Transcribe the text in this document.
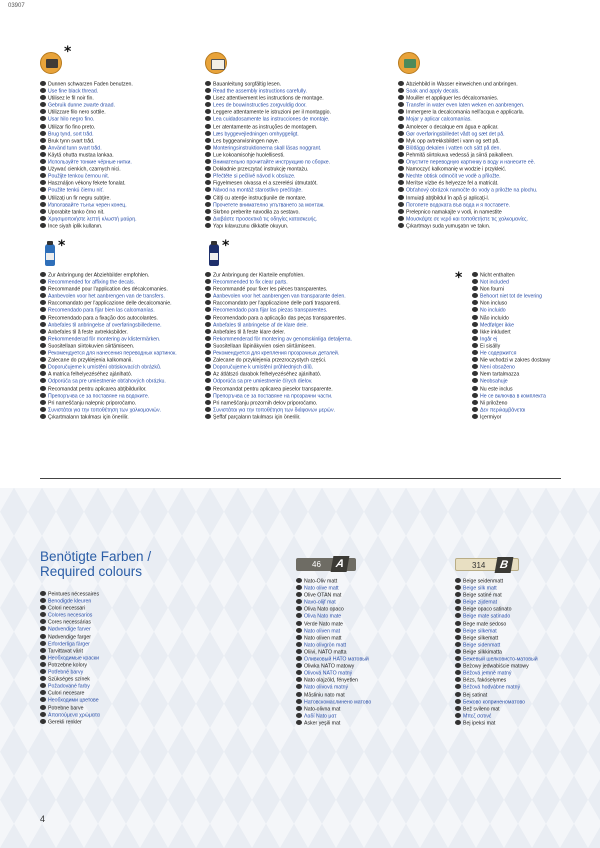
03907
*
Dunnen schwarzen Faden benutzen.
Use fine black thread.
Utilisez le fil noir fin.
Gebruik dunne zwarte draad.
Utilizzare filo nero sottile.
Usar hilo negro fino.
Utilizar fio fino preto.
Brug tynd, sort tråd.
Bruk tynn svart tråd.
Använd tunn svart tråd.
Käytä ohutta mustaa lankaa.
Используйте тонкие чёрные нитки.
Używać cienkich, czarnych nici.
Použijte tenkou černou nit.
Használjon vékony fekete fonalat.
Použite tenkú čiernu niť.
Utilizaţi un fir negru subţire.
Използвайте тънък черен конец.
Uporabite tanko črno nit.
Χρησιμοποιήστε λεπτή κλωστή μαύρη.
İnce siyah iplik kullanın.
Bauanleitung sorgfältig lesen.
Read the assembly instructions carefully.
Lisez attentivement les instructions de montage.
Lees de bouwinstructies zorgvuldig door.
Leggere attentamente le istruzioni per il montaggio.
Lea cuidadosamente las instrucciones de montaje.
Ler atentamente as instruções de montagem.
Læs byggevejledningen omhyggeligt.
Les byggeanvisningen nøye.
Monteringsinstruktionerna skall läsas noggrant.
Lue kokoamisohje huolellisesti.
Внимательно прочитайте инструкцию по сборке.
Dokładnie przeczytać instrukcję montażu.
Přečtěte si pečlivě návod k obsluze.
Figyelmesen olvassa el a szerelési útmutatót.
Návod na montáž starostlivo prečítajte.
Citiţi cu atenţie instrucţiunile de montare.
Прочетете внимателно упътването за монтаж.
Skrbno preberite navodila za sestavo.
Διαβάστε προσεκτικά τις οδηγίες κατασκευής.
Yapı kılavuzunu dikkatle okuyun.
Abziehbild in Wasser einweichen und anbringen.
Soak and apply decals.
Mouiller et appliquer les décalcomanies.
Transfer in water even laten weken en aanbrengen.
Immergere la decalcomania nell'acqua e applicarla.
Mojar y aplicar calcomanías.
Amolecer o decalque em água e aplicar.
Gør overføringsbilledet vådt og sæt det på.
Myk opp avtrekksbildet i vann og sett på.
Blötlägg dekalen i vatten och sätt på den.
Pehmitä siirtokuva vedessä ja siirrä paikalleen.
Опустите переводную картинку в воду и нанесите её.
Namoczyć kalkomanię w wodzie i przykleić.
Nechte obtisk odmočit ve vodě a přiložte.
Merítse vízbe és helyezze fel a matricát.
Obťahový obrázok namočte do vody a priložte na plochu.
Inmuiaţi abţibildul în apă şi aplicaţi-l.
Потопете водоката във вода и я поставете.
Prelepnico namakajte v vodi, in namestite
Μουσκέψτε σε νερό και τοποθετήστε τις χαλκομανίες.
Çıkartmayı suda yumuşatın ve takın.
*	*
*
Zur Anbringung der Abziehbilder empfohlen.
Recommended for affixing the decals.
Recommandé pour l'application des décalcomanies.
Aanbevolen voor het aanbrengen van de transfers.
Raccomandato per l'applicazione delle decalcomanie.
Recomendado para fijar bien las calcomanías.
Recomendado para a fixação dos autocolantes.
Anbefales til anbringelse af overføringsbillederne.
Anbefales til å feste avtrekksbilder.
Rekommenderad för montering av klistermärken.
Suositellaan siirtokuvien siirtämiseen.
Рекомендуется для нанесения переводных картинок.
Zalecane do przyklejenia kalkomanii.
Doporučujeme k umístění obtiskovacích obrázků.
A matrica felhelyezéséhez ajánlható.
Odporúča sa pre umiestnenie obťahových obrázku.
Recomandat pentru aplicarea abţibildurilor.
Препоръчва се за поставяне на водоките.
Pri nameščanju nalepnic priporočamo.
Συνιστάται για την τοποθέτηση των χαλκομανιών.
Çıkartmaların takılması için önerilir.
Zur Anbringung der Klarteile empfohlen.
Recommended to fix clear parts.
Recommandé pour fixer les pièces transparentes.
Aanbevolen voor het aanbrengen van transparante delen.
Raccomandato per l'applicazione delle parti trasparenti.
Recomendado para fijar las piezas transparentes.
Recomendado para a aplicação das peças transparentes.
Anbefales til anbringelse af de klare dele.
Anbefales til å feste klare deler.
Rekommenderad för montering av genomskinliga detaljerna.
Suositellaan läpinäkyvien osien siirtämiseen.
Рекомендуется для крепления прозрачных деталей.
Zalecane do przyklejenia przezroczystych części.
Doporučujeme k umístění průhledných dílů.
Az átlátszó darabok felhelyezéséhez ajánlható.
Odporúča sa pre umiestnenie čírych dielov.
Recomandat pentru aplicarea pieselor transparente.
Препоръчва се за поставяне на прозрачни части.
Pri nameščanju prozornih delov priporočamo.
Συνιστάται για την τοποθέτηση των διάφανων μερών.
Şeffaf parçaların takılması için önerilir.
Nicht enthalten
Not included
Non fourni
Behoort niet tot de levering
Non incluso
No incluido
Não incluído
Medfølger ikke
Ikke inkludert
Ingår ej
Ei sisälly
Не содержится
Nie wchodzi w zakres dostawy
Není obsaženo
Nem tartalmazza
Neobsahuje
Nu este inclus
Не се включва в комплекта
Ni priloženo
Δεν περιλαμβάνεται
İçermiyor
Benötigte Farben /
Required colours	46	A	314	B
Peintures nécessaires
Benodigde kleuren
Colori necessari
Colores necesarios
Cores necessárias
Nødvendige farver
Nødvendige farger
Erforderliga färger
Tarvittavat värit
Необходимые краски
Potrzebne kolory
Potřebné barvy
Szükséges színek
Požadované farby
Culori necesare
Необходими цветове
Potrebne barve
Απαιτούμενα χρώματα
Gerekli renkler
Nato-Oliv matt
Nato olive matt
Olive OTAN mat
Navo-olijf mat
Oliva Nato opaco
Oliva Nato mate
Verde Nato mate
Nato oliven mat
Nato oliven matt
Nato olivgrön matt
Oliivi, NATO matta
Оливковый НАТО матовый
Oliwka NATO matowy
Olivová NATO matný
Nato olajzöld, fényetlen
Nato olivová matný
Măsliniu nato mat
Натовскомаслинено матово
Nato-olivna mat
Λαδί Nato ματ
Asker yeşili mat
Beige seidenmatt
Beige silk matt
Beige satiné mat
Beige zijdemat
Beige opaco satinato
Beige mate satinado
Bege mate sedoso
Beige silkemat
Beige silkematt
Beige sidenmatt
Beige silkkimatta
Бежевый шелковисто-матовый
Beżowy jedwabiście matowy
Béžová jemně matný
Bézs, fakóselymes
Béžová hodvábne matný
Bej satinat
Бежово коприненоматово
Bež svileno mat
Μπεζ σατινέ
Bej ipeksi mat
4
